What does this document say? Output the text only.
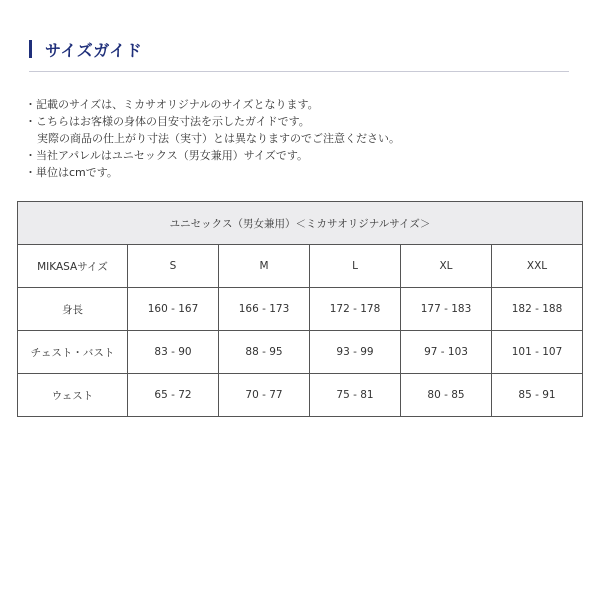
サイズガイド
・記載のサイズは、ミカサオリジナルのサイズとなります。
・こちらはお客様の身体の目安寸法を示したガイドです。
実際の商品の仕上がり寸法（実寸）とは異なりますのでご注意ください。
・当社アパレルはユニセックス（男女兼用）サイズです。
・単位はcmです。
ユニセックス（男女兼用）＜ミカサオリジナルサイズ＞					
MIKASAサイズ	S	M	L	XL	XXL
身長	160 - 167	166 - 173	172 - 178	177 - 183	182 - 188
チェスト・バスト	83 - 90	88 - 95	93 - 99	97 - 103	101 - 107
ウェスト	65 - 72	70 - 77	75 - 81	80 - 85	85 - 91
